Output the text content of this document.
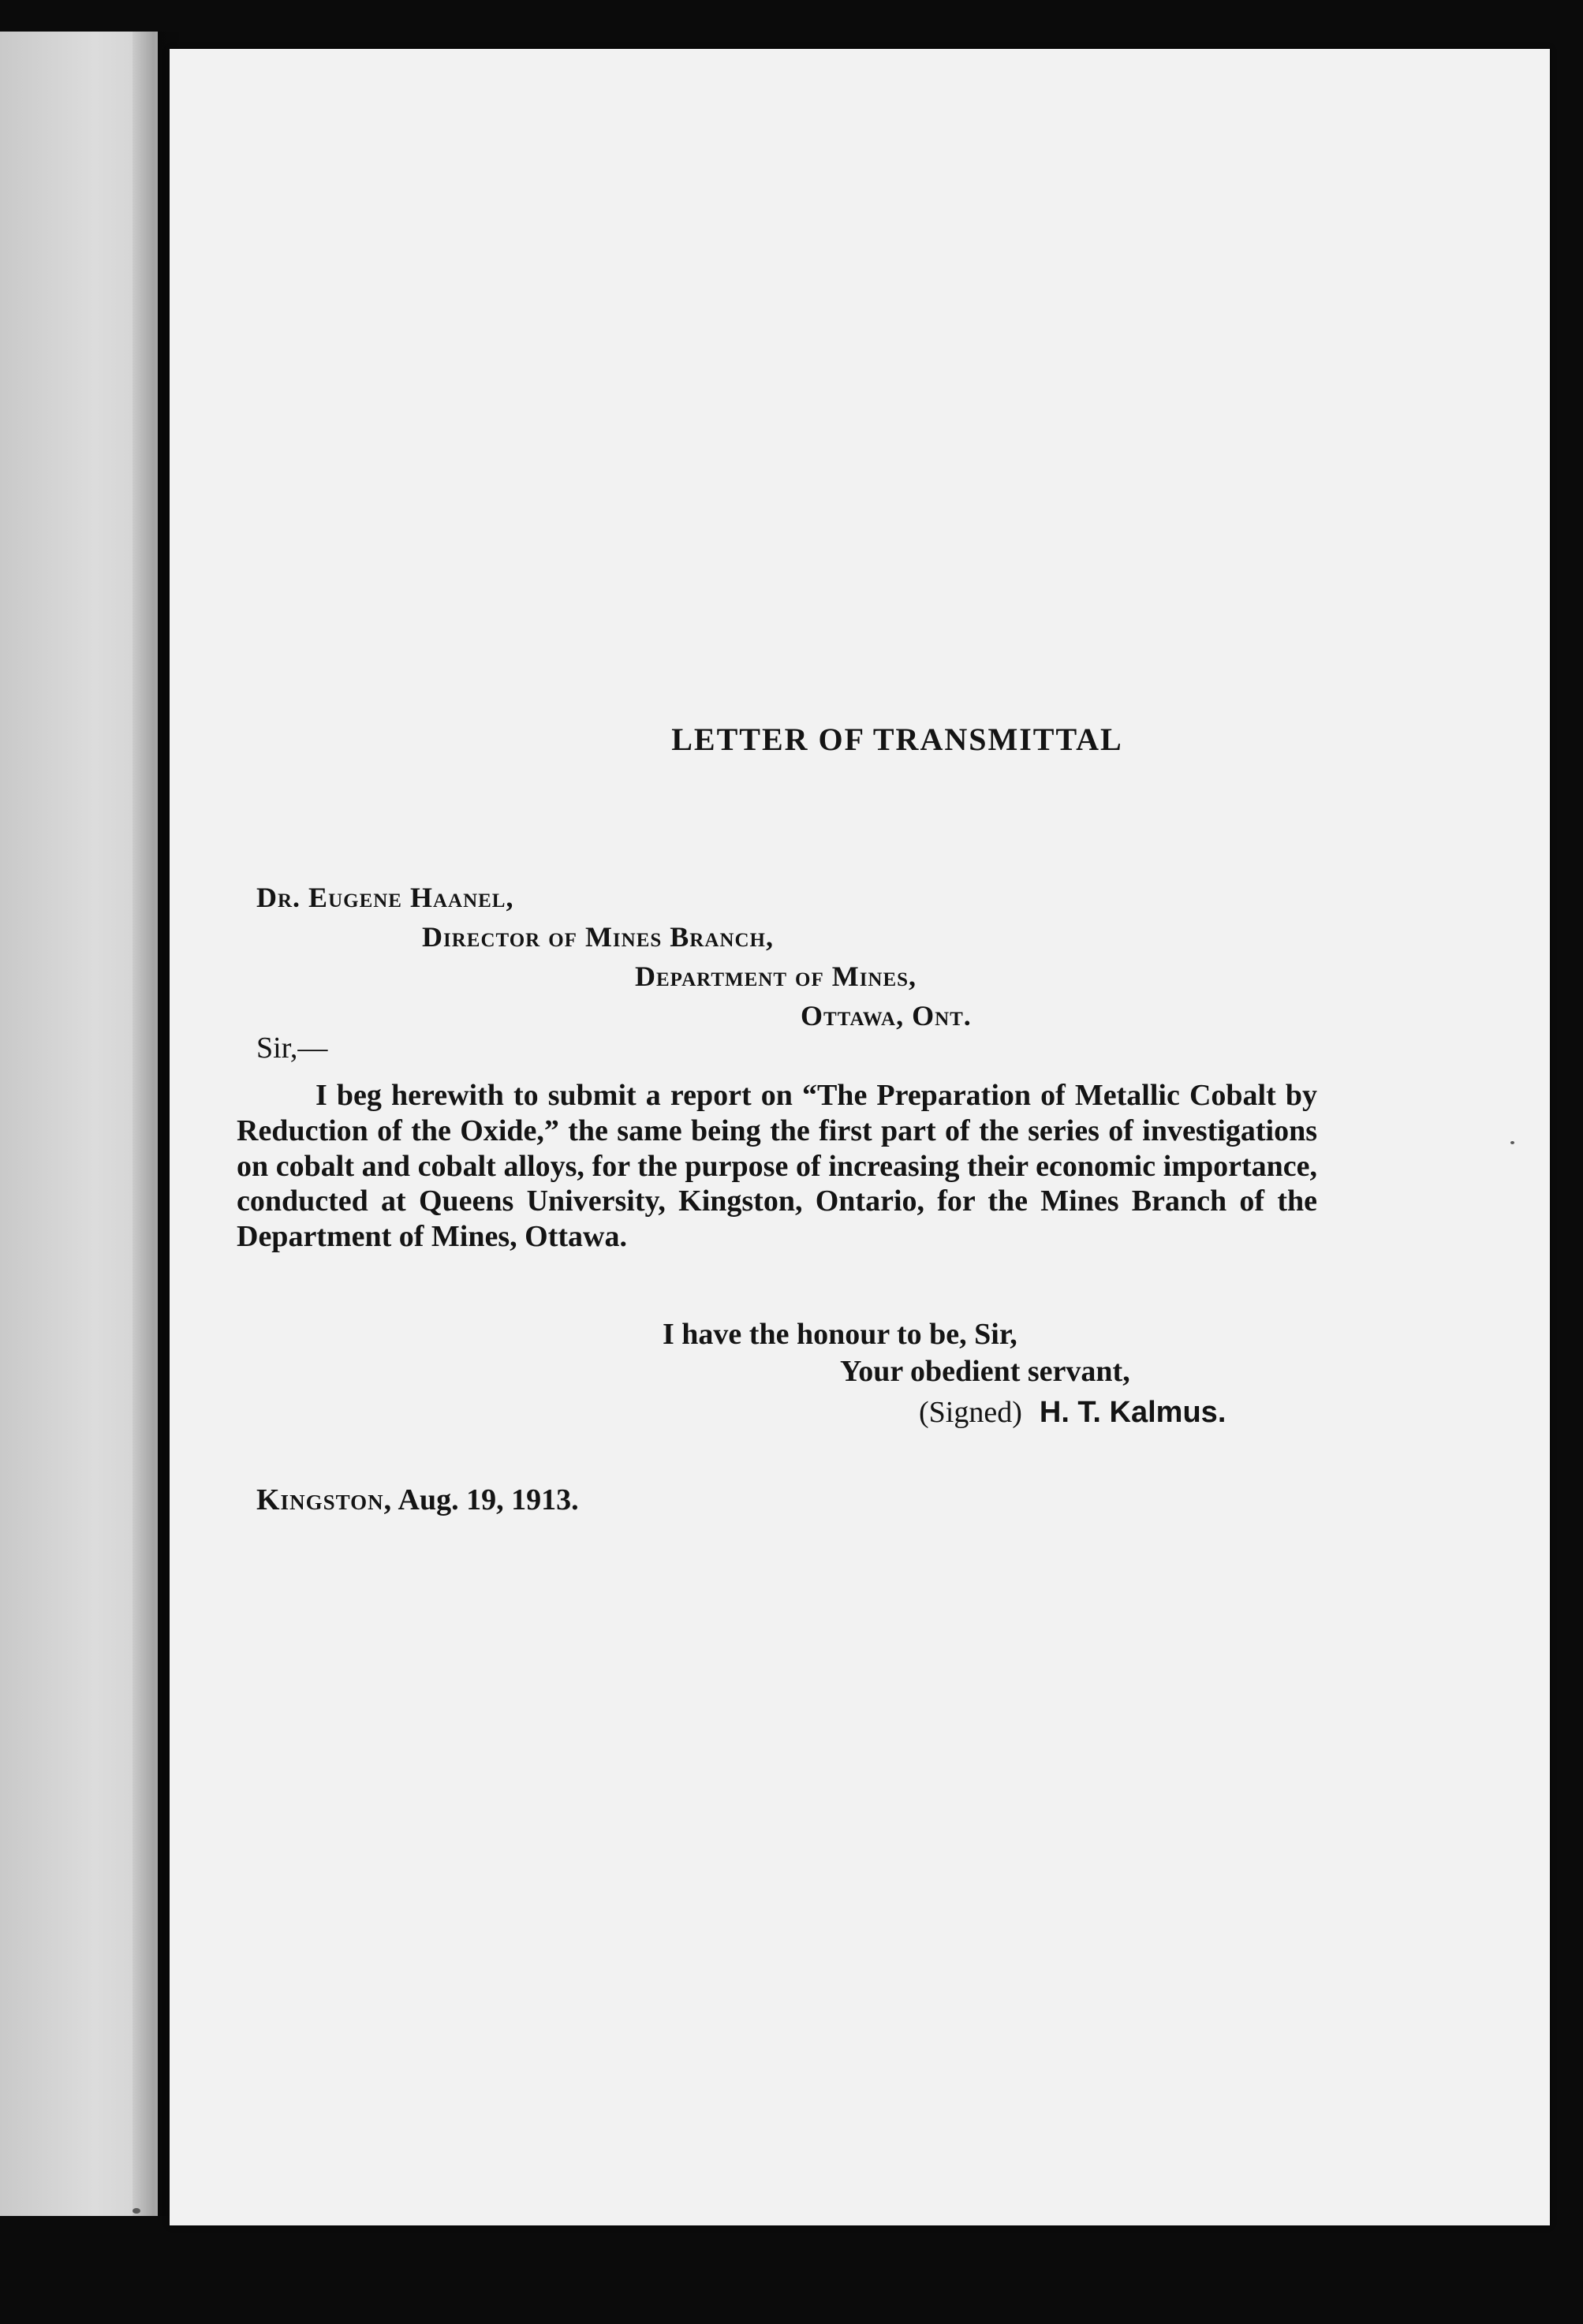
LETTER OF TRANSMITTAL
Dr. Eugene Haanel,
Director of Mines Branch,
Department of Mines,
Ottawa, Ont.
Sir,—
I beg herewith to submit a report on “The Preparation of Metallic Cobalt by Reduction of the Oxide,” the same being the first part of the series of investigations on cobalt and cobalt alloys, for the purpose of increasing their economic importance, conducted at Queens University, Kingston, Ontario, for the Mines Branch of the Department of Mines, Ottawa.
I have the honour to be, Sir,
Your obedient servant,
(Signed) H. T. Kalmus.
Kingston, Aug. 19, 1913.
